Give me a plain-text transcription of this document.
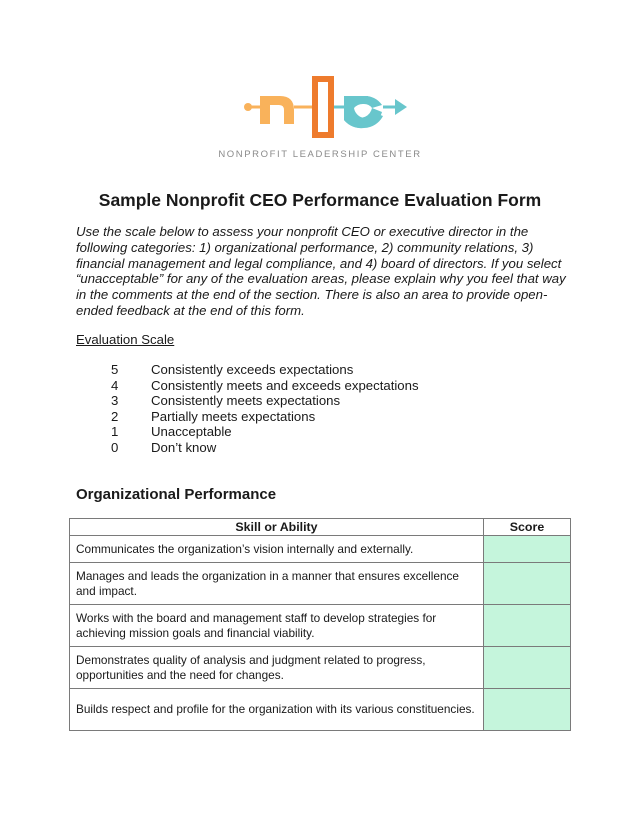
NONPROFIT LEADERSHIP CENTER
Sample Nonprofit CEO Performance Evaluation Form

Use the scale below to assess your nonprofit CEO or executive director in the following categories: 1) organizational performance, 2) community relations, 3) financial management and legal compliance, and 4) board of directors. If you select “unacceptable” for any of the evaluation areas, please explain why you feel that way in the comments at the end of the section. There is also an area to provide open-ended feedback at the end of this form.

Evaluation Scale

5	Consistently exceeds expectations
4	Consistently meets and exceeds expectations
3	Consistently meets expectations
2	Partially meets expectations
1	Unacceptable
0	Don’t know
Organizational Performance
Skill or Ability	Score
Communicates the organization’s vision internally and externally.	
Manages and leads the organization in a manner that ensures excellence and impact.	
Works with the board and management staff to develop strategies for achieving mission goals and financial viability.	
Demonstrates quality of analysis and judgment related to progress, opportunities and the need for changes.	
Builds respect and profile for the organization with its various constituencies.	
